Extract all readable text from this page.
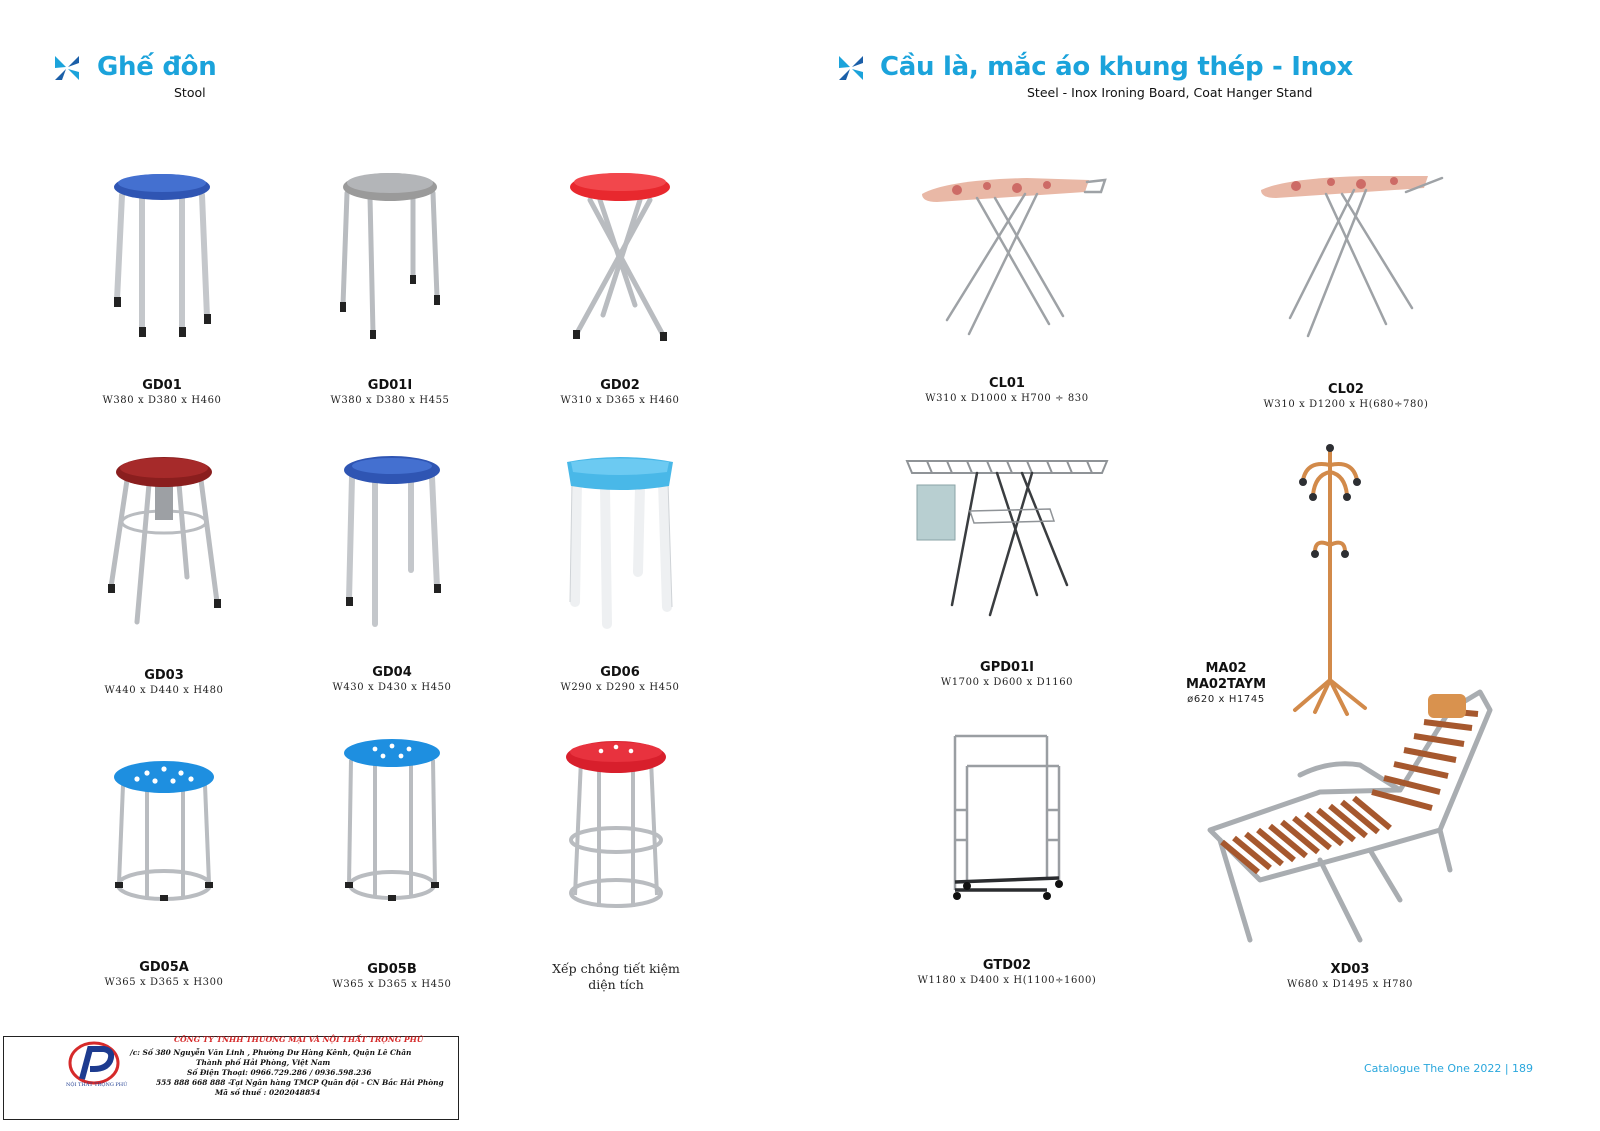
Ghế đôn
Stool
Cầu là, mắc áo khung thép - Inox
Steel - Inox Ironing Board, Coat Hanger Stand
GD01
W380 x D380 x H460
GD01I
W380 x D380 x H455
GD02
W310 x D365 x H460
GD03
W440 x D440 x H480
GD04
W430 x D430 x H450
GD06
W290 x D290 x H450
GD05A
W365 x D365 x H300
GD05B
W365 x D365 x H450
Xếp chồng tiết kiệm
diện tích
CL01
W310 x D1000 x H700 ÷ 830
CL02
W310 x D1200 x H(680÷780)
GPD01I
W1700 x D600 x D1160
MA02
MA02TAYM
ø620 x H1745
GTD02
W1180 x D400 x H(1100÷1600)
XD03
W680 x D1495 x H780
NỘI THẤT TRỌNG PHÚ
CÔNG TY TNHH THƯƠNG MẠI VÀ NỘI THẤT TRỌNG PHÚ
/c: Số 380 Nguyễn Văn Linh , Phường Dư Hàng Kênh, Quận Lê Chân
Thành phố Hải Phòng, Việt Nam
Số Điện Thoại: 0966.729.286 / 0936.598.236
555 888 668 888 -Tại Ngân hàng TMCP Quân đội - CN Bắc Hải Phòng
Mã số thuế : 0202048854
Catalogue The One 2022 | 189
